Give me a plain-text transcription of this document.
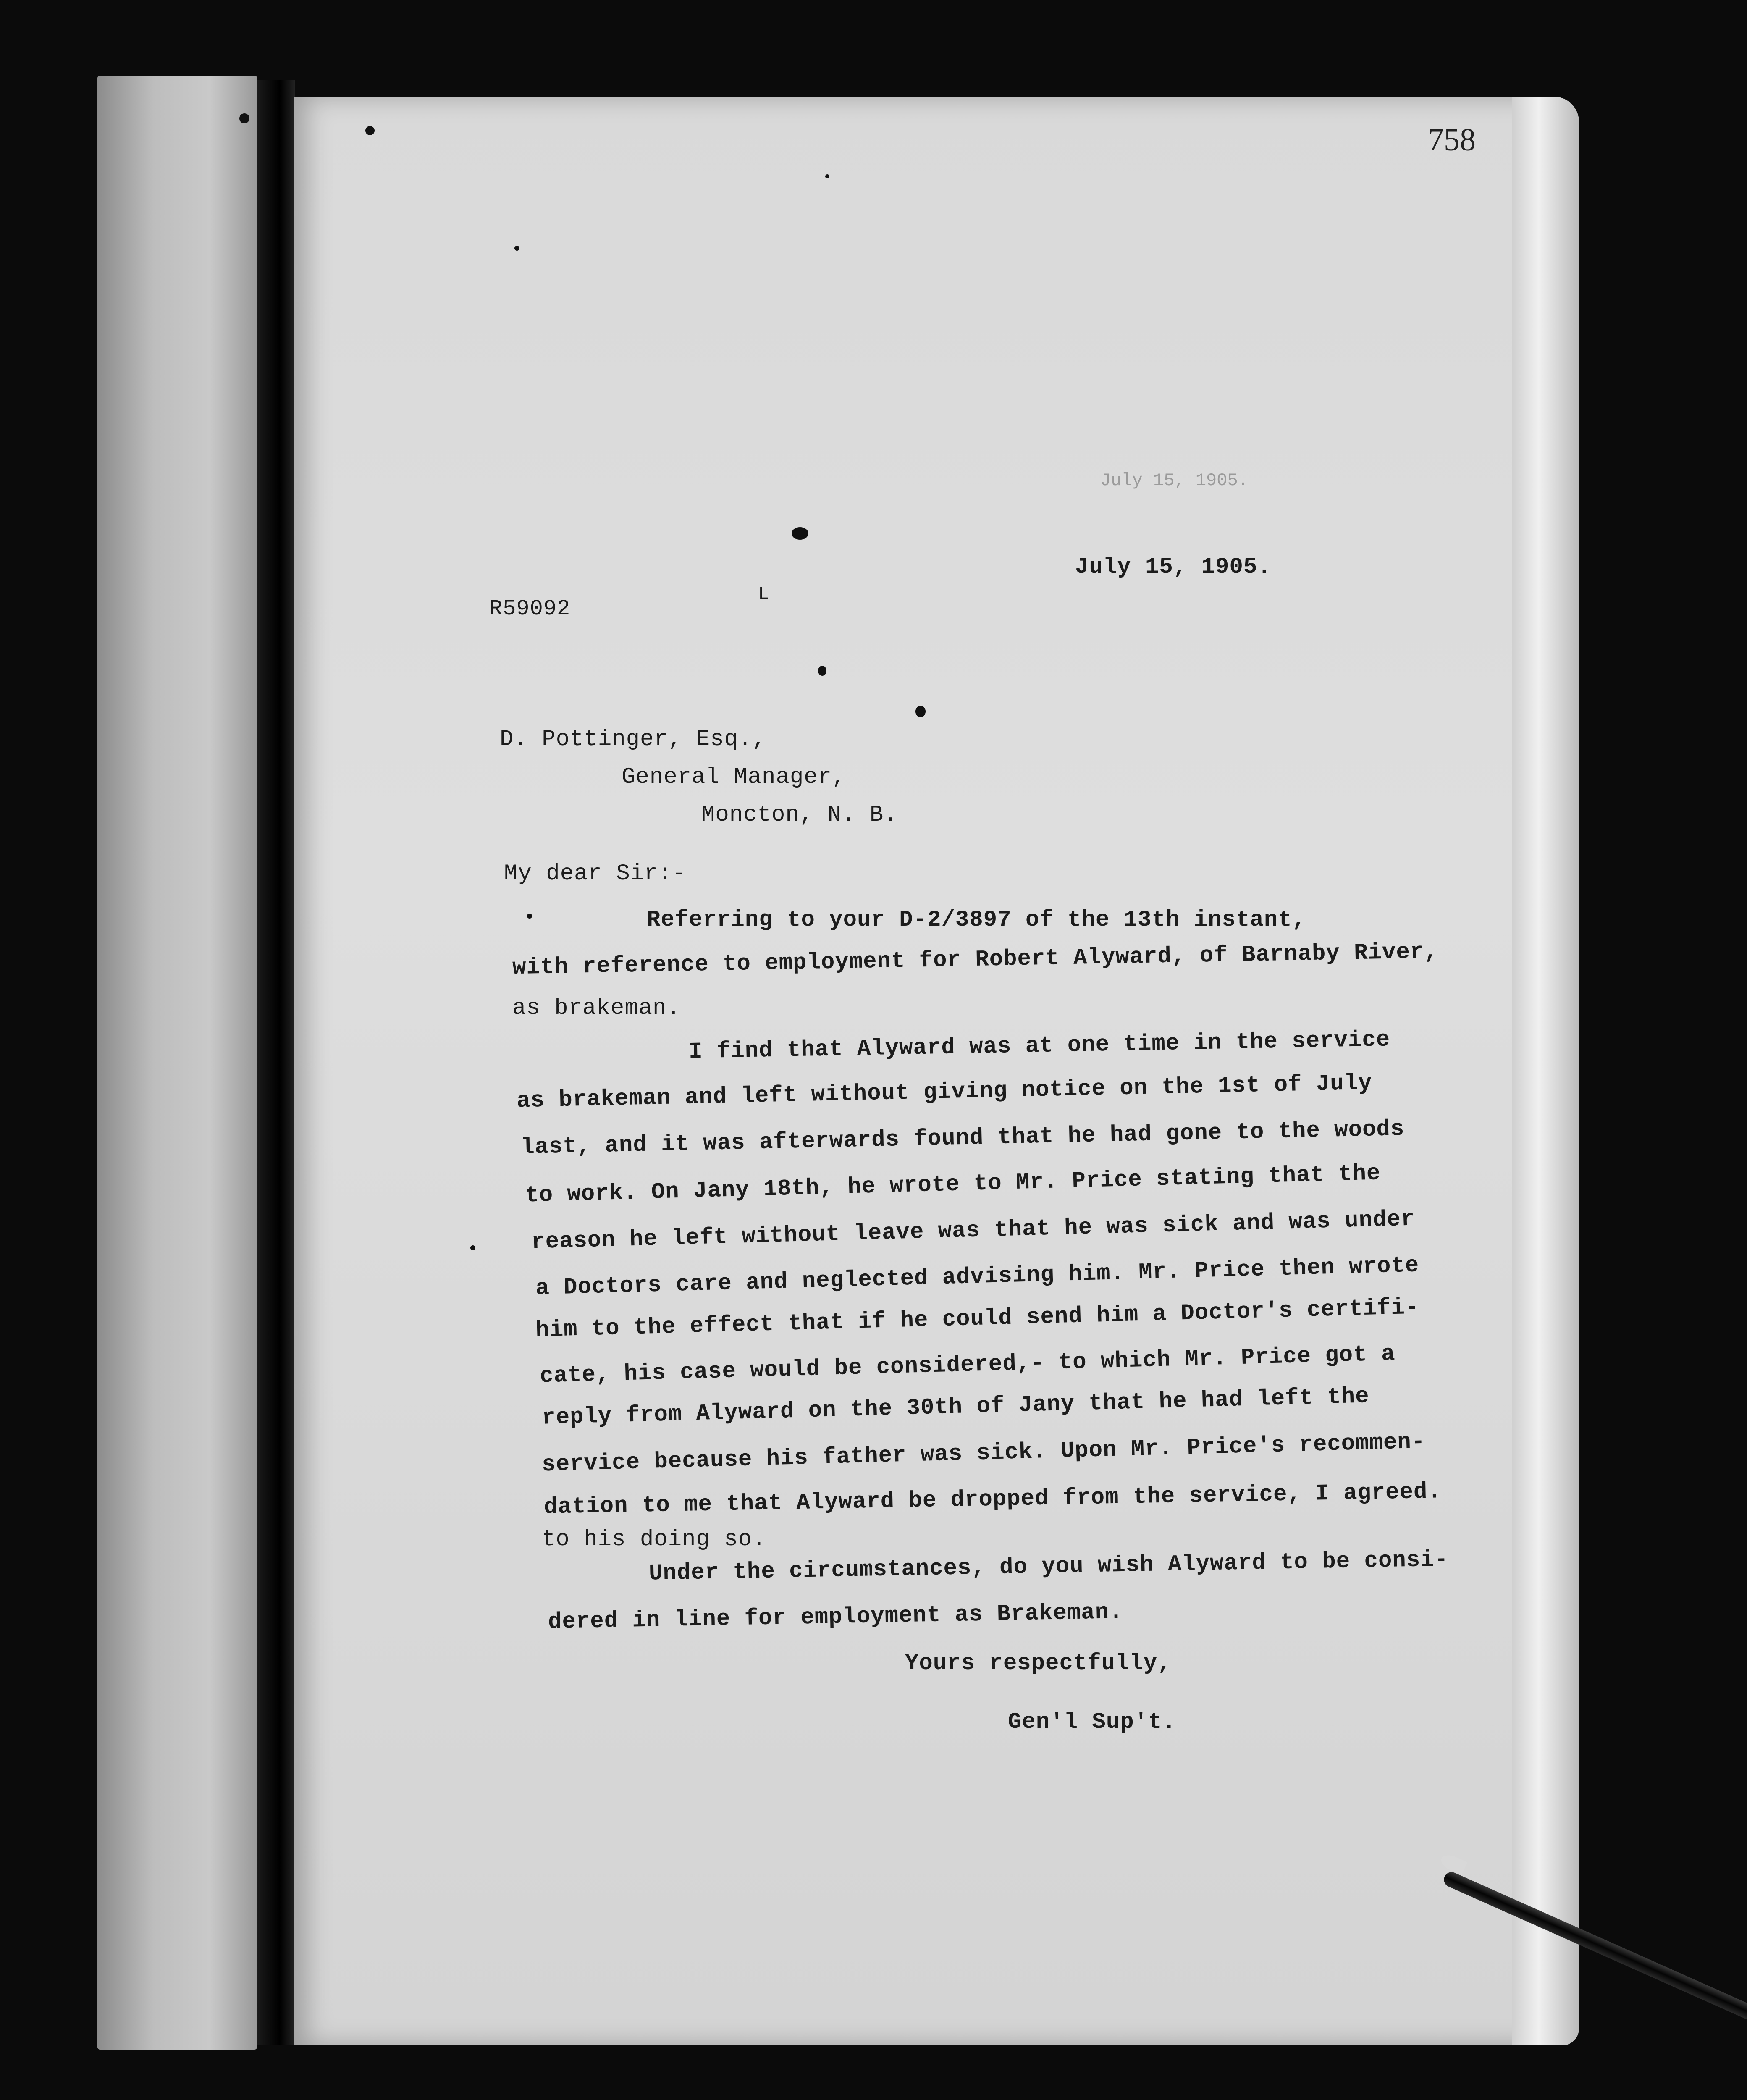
July 15, 1905.
758
R59092
L
July 15, 1905.
D. Pottinger, Esq.,
General Manager,
Moncton, N. B.
My dear Sir:-
Referring to your D-2/3897 of the 13th instant,
with reference to employment for Robert Alyward, of Barnaby River,
as brakeman.
I find that Alyward was at one time in the service
as brakeman and left without giving notice on the 1st of July
last, and it was afterwards found that he had gone to the woods
to work. On Jany 18th, he wrote to Mr. Price stating that the
reason he left without leave was that he was sick and was under
a Doctors care and neglected advising him. Mr. Price then wrote
him to the effect that if he could send him a Doctor's certifi-
cate, his case would be considered,- to which Mr. Price got a
reply from Alyward on the 30th of Jany that he had left the
service because his father was sick. Upon Mr. Price's recommen-
dation to me that Alyward be dropped from the service, I agreed.
to his doing so.
Under the circumstances, do you wish Alyward to be consi-
dered in line for employment as Brakeman.
Yours respectfully,
Gen'l Sup't.
